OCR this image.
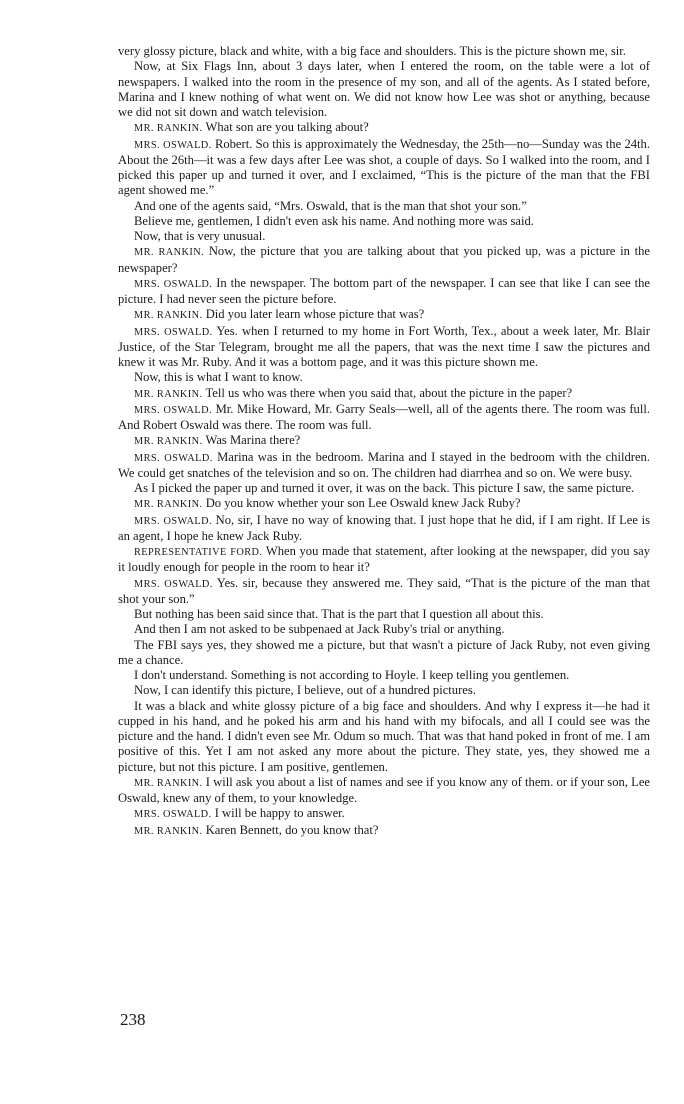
very glossy picture, black and white, with a big face and shoulders. This is the picture shown me, sir.

Now, at Six Flags Inn, about 3 days later, when I entered the room, on the table were a lot of newspapers. I walked into the room in the presence of my son, and all of the agents. As I stated before, Marina and I knew nothing of what went on. We did not know how Lee was shot or anything, because we did not sit down and watch television.

MR. RANKIN. What son are you talking about?

MRS. OSWALD. Robert. So this is approximately the Wednesday, the 25th—no—Sunday was the 24th. About the 26th—it was a few days after Lee was shot, a couple of days. So I walked into the room, and I picked this paper up and turned it over, and I exclaimed, “This is the picture of the man that the FBI agent showed me.”

And one of the agents said, “Mrs. Oswald, that is the man that shot your son.”

Believe me, gentlemen, I didn't even ask his name. And nothing more was said.

Now, that is very unusual.

MR. RANKIN. Now, the picture that you are talking about that you picked up, was a picture in the newspaper?

MRS. OSWALD. In the newspaper. The bottom part of the newspaper. I can see that like I can see the picture. I had never seen the picture before.

MR. RANKIN. Did you later learn whose picture that was?

MRS. OSWALD. Yes. when I returned to my home in Fort Worth, Tex., about a week later, Mr. Blair Justice, of the Star Telegram, brought me all the papers, that was the next time I saw the pictures and knew it was Mr. Ruby. And it was a bottom page, and it was this picture shown me.

Now, this is what I want to know.

MR. RANKIN. Tell us who was there when you said that, about the picture in the paper?

MRS. OSWALD. Mr. Mike Howard, Mr. Garry Seals—well, all of the agents there. The room was full. And Robert Oswald was there. The room was full.

MR. RANKIN. Was Marina there?

MRS. OSWALD. Marina was in the bedroom. Marina and I stayed in the bedroom with the children. We could get snatches of the television and so on. The children had diarrhea and so on. We were busy.

As I picked the paper up and turned it over, it was on the back. This picture I saw, the same picture.

MR. RANKIN. Do you know whether your son Lee Oswald knew Jack Ruby?

MRS. OSWALD. No, sir, I have no way of knowing that. I just hope that he did, if I am right. If Lee is an agent, I hope he knew Jack Ruby.

REPRESENTATIVE FORD. When you made that statement, after looking at the newspaper, did you say it loudly enough for people in the room to hear it?

MRS. OSWALD. Yes. sir, because they answered me. They said, “That is the picture of the man that shot your son.”

But nothing has been said since that. That is the part that I question all about this.

And then I am not asked to be subpenaed at Jack Ruby's trial or anything.

The FBI says yes, they showed me a picture, but that wasn't a picture of Jack Ruby, not even giving me a chance.

I don't understand. Something is not according to Hoyle. I keep telling you gentlemen.

Now, I can identify this picture, I believe, out of a hundred pictures.

It was a black and white glossy picture of a big face and shoulders. And why I express it—he had it cupped in his hand, and he poked his arm and his hand with my bifocals, and all I could see was the picture and the hand. I didn't even see Mr. Odum so much. That was that hand poked in front of me. I am positive of this. Yet I am not asked any more about the picture. They state, yes, they showed me a picture, but not this picture. I am positive, gentlemen.

MR. RANKIN. I will ask you about a list of names and see if you know any of them. or if your son, Lee Oswald, knew any of them, to your knowledge.

MRS. OSWALD. I will be happy to answer.

MR. RANKIN. Karen Bennett, do you know that?

238
